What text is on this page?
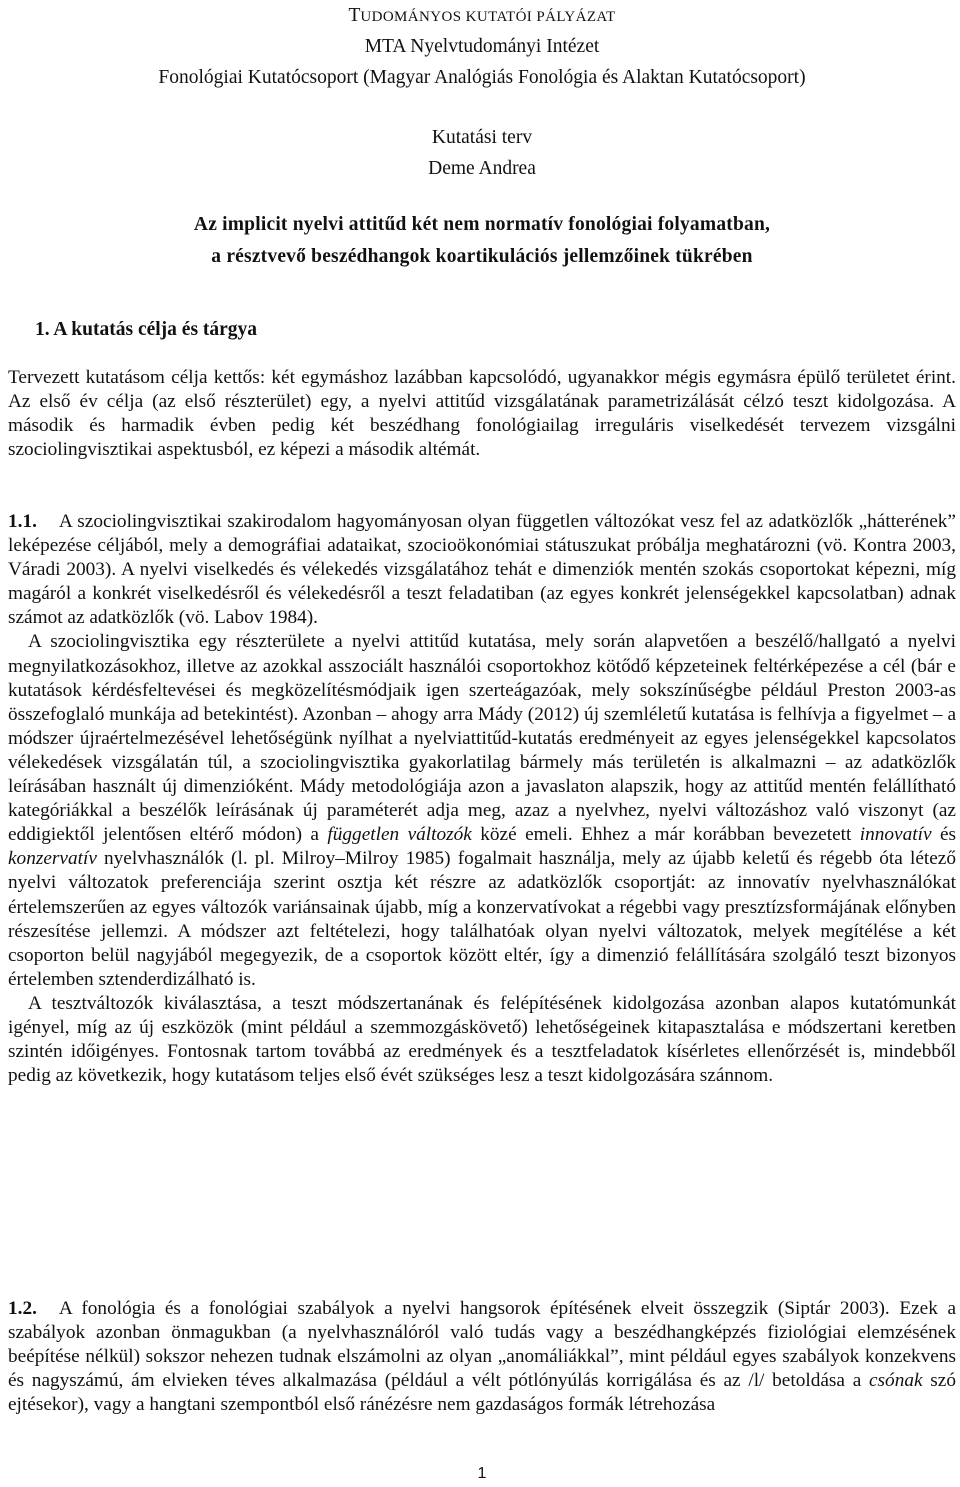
TUDOMÁNYOS KUTATÓI PÁLYÁZAT
MTA Nyelvtudományi Intézet
Fonológiai Kutatócsoport (Magyar Analógiás Fonológia és Alaktan Kutatócsoport)
Kutatási terv
Deme Andrea
Az implicit nyelvi attitűd két nem normatív fonológiai folyamatban,
a résztvevő beszédhangok koartikulációs jellemzőinek tükrében
1. A kutatás célja és tárgya

Tervezett kutatásom célja kettős: két egymáshoz lazábban kapcsolódó, ugyanakkor mégis egymásra épülő területet érint. Az első év célja (az első részterület) egy, a nyelvi attitűd vizsgálatának parametrizálását célzó teszt kidolgozása. A második és harmadik évben pedig két beszédhang fonológiailag irreguláris viselkedését tervezem vizsgálni szociolingvisztikai aspektusból, ez képezi a második altémát.

1.1. A szociolingvisztikai szakirodalom hagyományosan olyan független változókat vesz fel az adatközlők „hátterének” leképezése céljából, mely a demográfiai adataikat, szocioökonómiai státuszukat próbálja meghatározni (vö. Kontra 2003, Váradi 2003). A nyelvi viselkedés és vélekedés vizsgálatához tehát e dimenziók mentén szokás csoportokat képezni, míg magáról a konkrét viselkedésről és vélekedésről a teszt feladatiban (az egyes konkrét jelenségekkel kapcsolatban) adnak számot az adatközlők (vö. Labov 1984).

A szociolingvisztika egy részterülete a nyelvi attitűd kutatása, mely során alapvetően a beszélő/hallgató a nyelvi megnyilatkozásokhoz, illetve az azokkal asszociált használói csoportokhoz kötődő képzeteinek feltérképezése a cél (bár e kutatások kérdésfeltevései és megközelítésmódjaik igen szerteágazóak, mely sokszínűségbe például Preston 2003-as összefoglaló munkája ad betekintést). Azonban – ahogy arra Mády (2012) új szemléletű kutatása is felhívja a figyelmet – a módszer újraértelmezésével lehetőségünk nyílhat a nyelviattitűd-kutatás eredményeit az egyes jelenségekkel kapcsolatos vélekedések vizsgálatán túl, a szociolingvisztika gyakorlatilag bármely más területén is alkalmazni – az adatközlők leírásában használt új dimenzióként. Mády metodológiája azon a javaslaton alapszik, hogy az attitűd mentén felállítható kategóriákkal a beszélők leírásának új paraméterét adja meg, azaz a nyelvhez, nyelvi változáshoz való viszonyt (az eddigiektől jelentősen eltérő módon) a független változók közé emeli. Ehhez a már korábban bevezetett innovatív és konzervatív nyelvhasználók (l. pl. Milroy–Milroy 1985) fogalmait használja, mely az újabb keletű és régebb óta létező nyelvi változatok preferenciája szerint osztja két részre az adatközlők csoportját: az innovatív nyelvhasználókat értelemszerűen az egyes változók variánsainak újabb, míg a konzervatívokat a régebbi vagy presztízsformájának előnyben részesítése jellemzi. A módszer azt feltételezi, hogy találhatóak olyan nyelvi változatok, melyek megítélése a két csoporton belül nagyjából megegyezik, de a csoportok között eltér, így a dimenzió felállítására szolgáló teszt bizonyos értelemben sztenderdizálható is.

A tesztváltozók kiválasztása, a teszt módszertanának és felépítésének kidolgozása azonban alapos kutatómunkát igényel, míg az új eszközök (mint például a szemmozgáskövető) lehetőségeinek kitapasztalása e módszertani keretben szintén időigényes. Fontosnak tartom továbbá az eredmények és a tesztfeladatok kísérletes ellenőrzését is, mindebből pedig az következik, hogy kutatásom teljes első évét szükséges lesz a teszt kidolgozására szánnom.

1.2. A fonológia és a fonológiai szabályok a nyelvi hangsorok építésének elveit összegzik (Siptár 2003). Ezek a szabályok azonban önmagukban (a nyelvhasználóról való tudás vagy a beszédhangképzés fiziológiai elemzésének beépítése nélkül) sokszor nehezen tudnak elszámolni az olyan „anomáliákkal”, mint például egyes szabályok konzekvens és nagyszámú, ám elvieken téves alkalmazása (például a vélt pótlónyúlás korrigálása és az /l/ betoldása a csónak szó ejtésekor), vagy a hangtani szempontból első ránézésre nem gazdaságos formák létrehozása

1
